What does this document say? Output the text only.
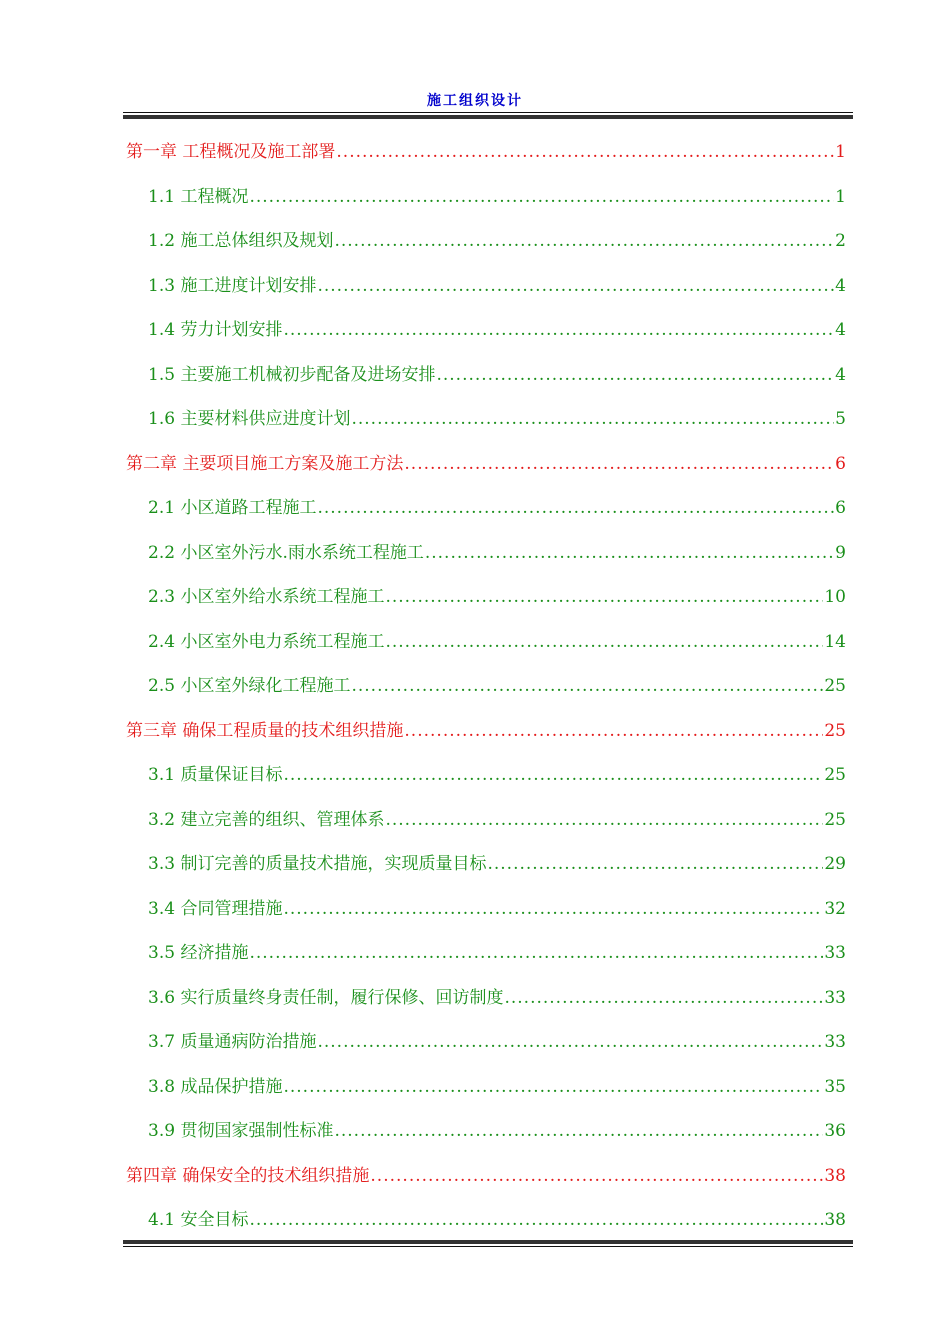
施工组织设计
第一章 工程概况及施工部署 .....	1
1.1 工程概况 .....	1
1.2 施工总体组织及规划 .....	2
1.3 施工进度计划安排 .....	4
1.4 劳力计划安排 .....	4
1.5 主要施工机械初步配备及进场安排 .....	4
1.6 主要材料供应进度计划 .....	5
第二章 主要项目施工方案及施工方法 .....	6
2.1 小区道路工程施工 .....	6
2.2 小区室外污水.雨水系统工程施工 .....	9
2.3 小区室外给水系统工程施工 .....	10
2.4 小区室外电力系统工程施工 .....	14
2.5 小区室外绿化工程施工 .....	25
第三章 确保工程质量的技术组织措施 .....	25
3.1 质量保证目标 .....	25
3.2 建立完善的组织、管理体系 .....	25
3.3 制订完善的质量技术措施，实现质量目标 .....	29
3.4 合同管理措施 .....	32
3.5 经济措施 .....	33
3.6 实行质量终身责任制，履行保修、回访制度 .....	33
3.7 质量通病防治措施 .....	33
3.8 成品保护措施 .....	35
3.9 贯彻国家强制性标准 .....	36
第四章 确保安全的技术组织措施 .....	38
4.1 安全目标 .....	38
